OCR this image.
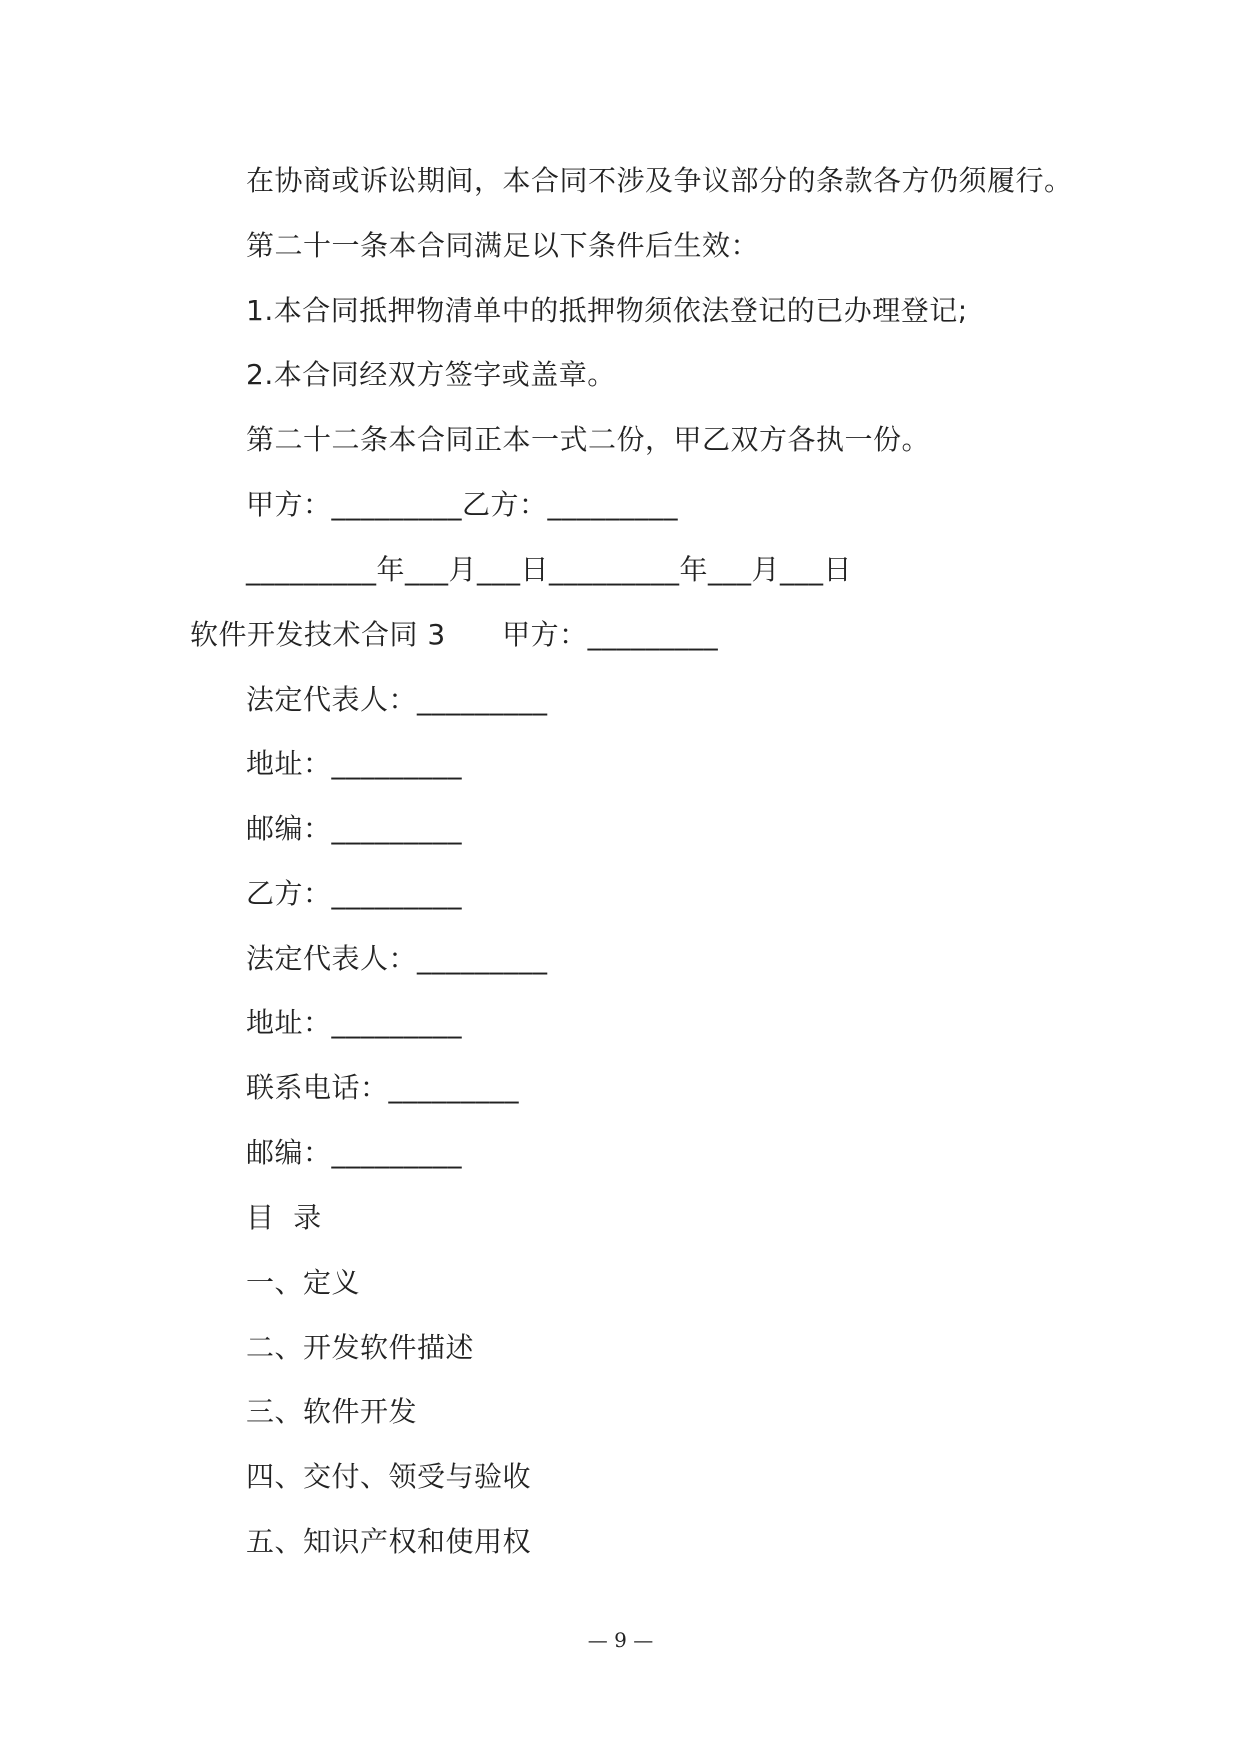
在协商或诉讼期间，本合同不涉及争议部分的条款各方仍须履行。
第二十一条本合同满足以下条件后生效：
1.本合同抵押物清单中的抵押物须依法登记的已办理登记;
2.本合同经双方签字或盖章。
第二十二条本合同正本一式二份，甲乙双方各执一份。
甲方：_________乙方：_________
_________年___月___日_________年___月___日
软件开发技术合同 3      甲方：_________
法定代表人：_________
地址：_________
邮编：_________
乙方：_________
法定代表人：_________
地址：_________
联系电话：_________
邮编：_________
目  录
一、定义
二、开发软件描述
三、软件开发
四、交付、领受与验收
五、知识产权和使用权
— 9 —
